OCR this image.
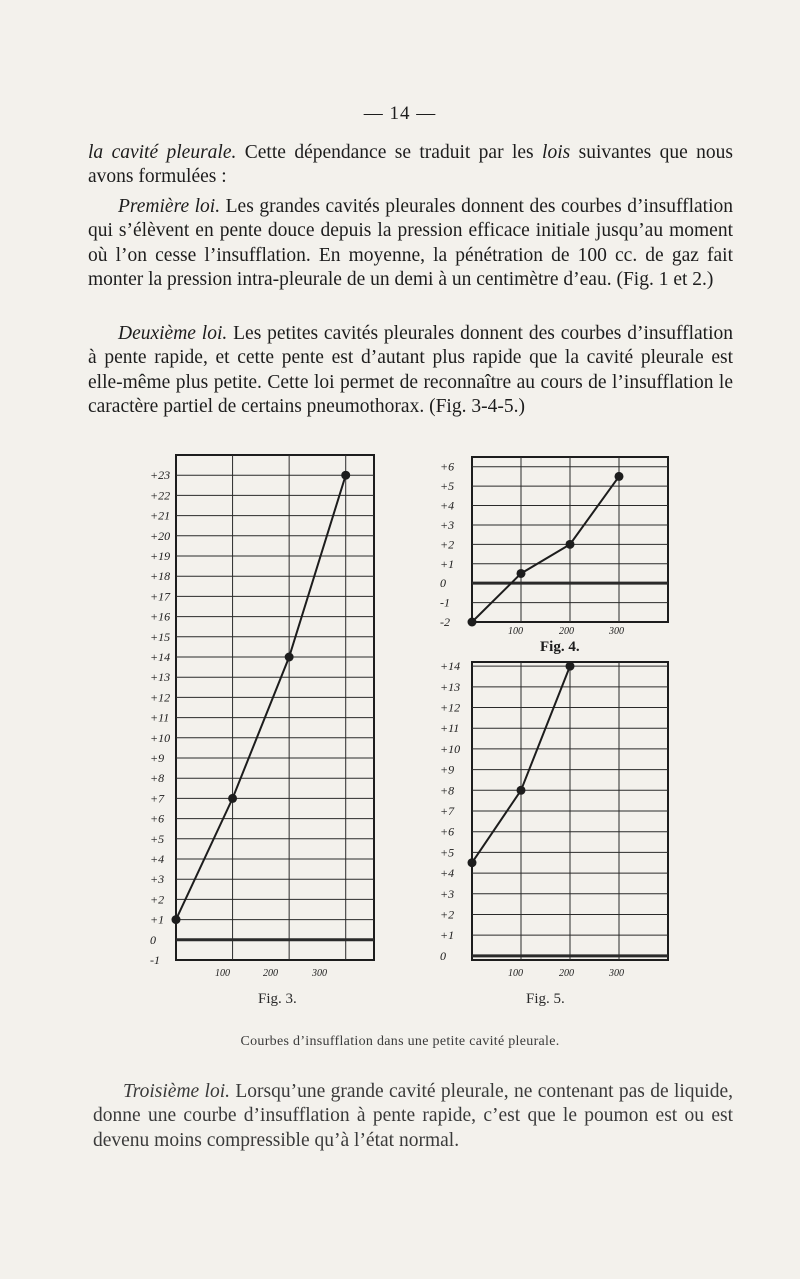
— 14 —
la cavité pleurale. Cette dépendance se traduit par les lois suivantes que nous avons formulées :
Première loi. Les grandes cavités pleurales donnent des courbes d’insufflation qui s’élèvent en pente douce depuis la pression efficace initiale jusqu’au moment où l’on cesse l’insufflation. En moyenne, la pénétration de 100 cc. de gaz fait monter la pression intra-pleurale de un demi à un centimètre d’eau. (Fig. 1 et 2.)
Deuxième loi. Les petites cavités pleurales donnent des courbes d’insufflation à pente rapide, et cette pente est d’autant plus rapide que la cavité pleurale est elle-même plus petite. Cette loi permet de reconnaître au cours de l’insufflation le caractère partiel de certains pneumothorax. (Fig. 3-4-5.)
-1
0
+1
+2
+3
+4
+5
+6
+7
+8
+9
+10
+11
+12
+13
+14
+15
+16
+17
+18
+19
+20
+21
+22
+23
100	200	300
Fig. 3.
-2
-1
0
+1
+2
+3
+4
+5
+6
100	200	300
Fig. 4.
0
+1
+2
+3
+4
+5
+6
+7
+8
+9
+10
+11
+12
+13
+14
100	200	300
Fig. 5.
Courbes d’insufflation dans une petite cavité pleurale.
Troisième loi. Lorsqu’une grande cavité pleurale, ne contenant pas de liquide, donne une courbe d’insufflation à pente rapide, c’est que le poumon est ou est devenu moins compressible qu’à l’état normal.
